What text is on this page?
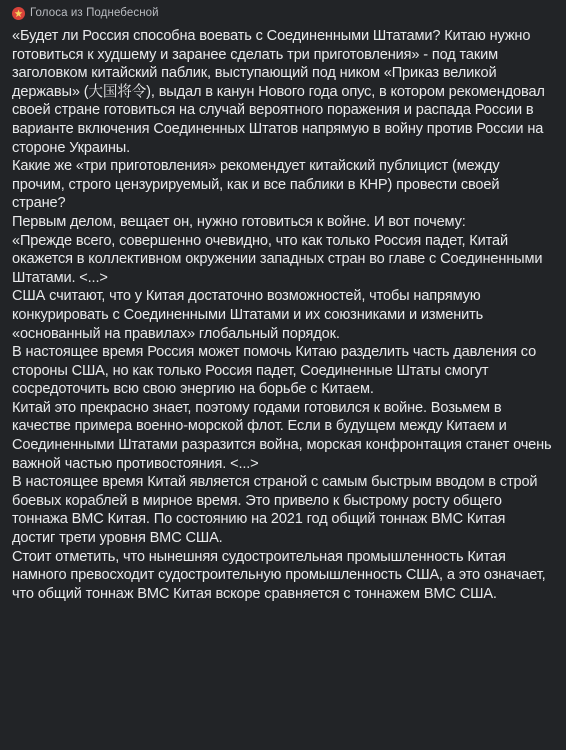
Голоса из Поднебесной

«Будет ли Россия способна воевать с Соединенными Штатами? Китаю нужно готовиться к худшему и заранее сделать три приготовления» - под таким заголовком китайский паблик, выступающий под ником «Приказ великой державы» (大国将令), выдал в канун Нового года опус, в котором рекомендовал своей стране готовиться на случай вероятного поражения и распада России в варианте включения Соединенных Штатов напрямую в войну против России на стороне Украины.

Какие же «три приготовления» рекомендует китайский публицист (между прочим, строго цензурируемый, как и все паблики в КНР) провести своей стране?

Первым делом, вещает он, нужно готовиться к войне. И вот почему:

«Прежде всего, совершенно очевидно, что как только Россия падет, Китай окажется в коллективном окружении западных стран во главе с Соединенными Штатами. <...>

США считают, что у Китая достаточно возможностей, чтобы напрямую конкурировать с Соединенными Штатами и их союзниками и изменить «основанный на правилах» глобальный порядок.

В настоящее время Россия может помочь Китаю разделить часть давления со стороны США, но как только Россия падет, Соединенные Штаты смогут сосредоточить всю свою энергию на борьбе с Китаем.

Китай это прекрасно знает, поэтому годами готовился к войне. Возьмем в качестве примера военно-морской флот. Если в будущем между Китаем и Соединенными Штатами разразится война, морская конфронтация станет очень важной частью противостояния. <...>

В настоящее время Китай является страной с самым быстрым вводом в строй боевых кораблей в мирное время. Это привело к быстрому росту общего тоннажа ВМС Китая. По состоянию на 2021 год общий тоннаж ВМС Китая достиг трети уровня ВМС США.

Стоит отметить, что нынешняя судостроительная промышленность Китая намного превосходит судостроительную промышленность США, а это означает, что общий тоннаж ВМС Китая вскоре сравняется с тоннажем ВМС США.
